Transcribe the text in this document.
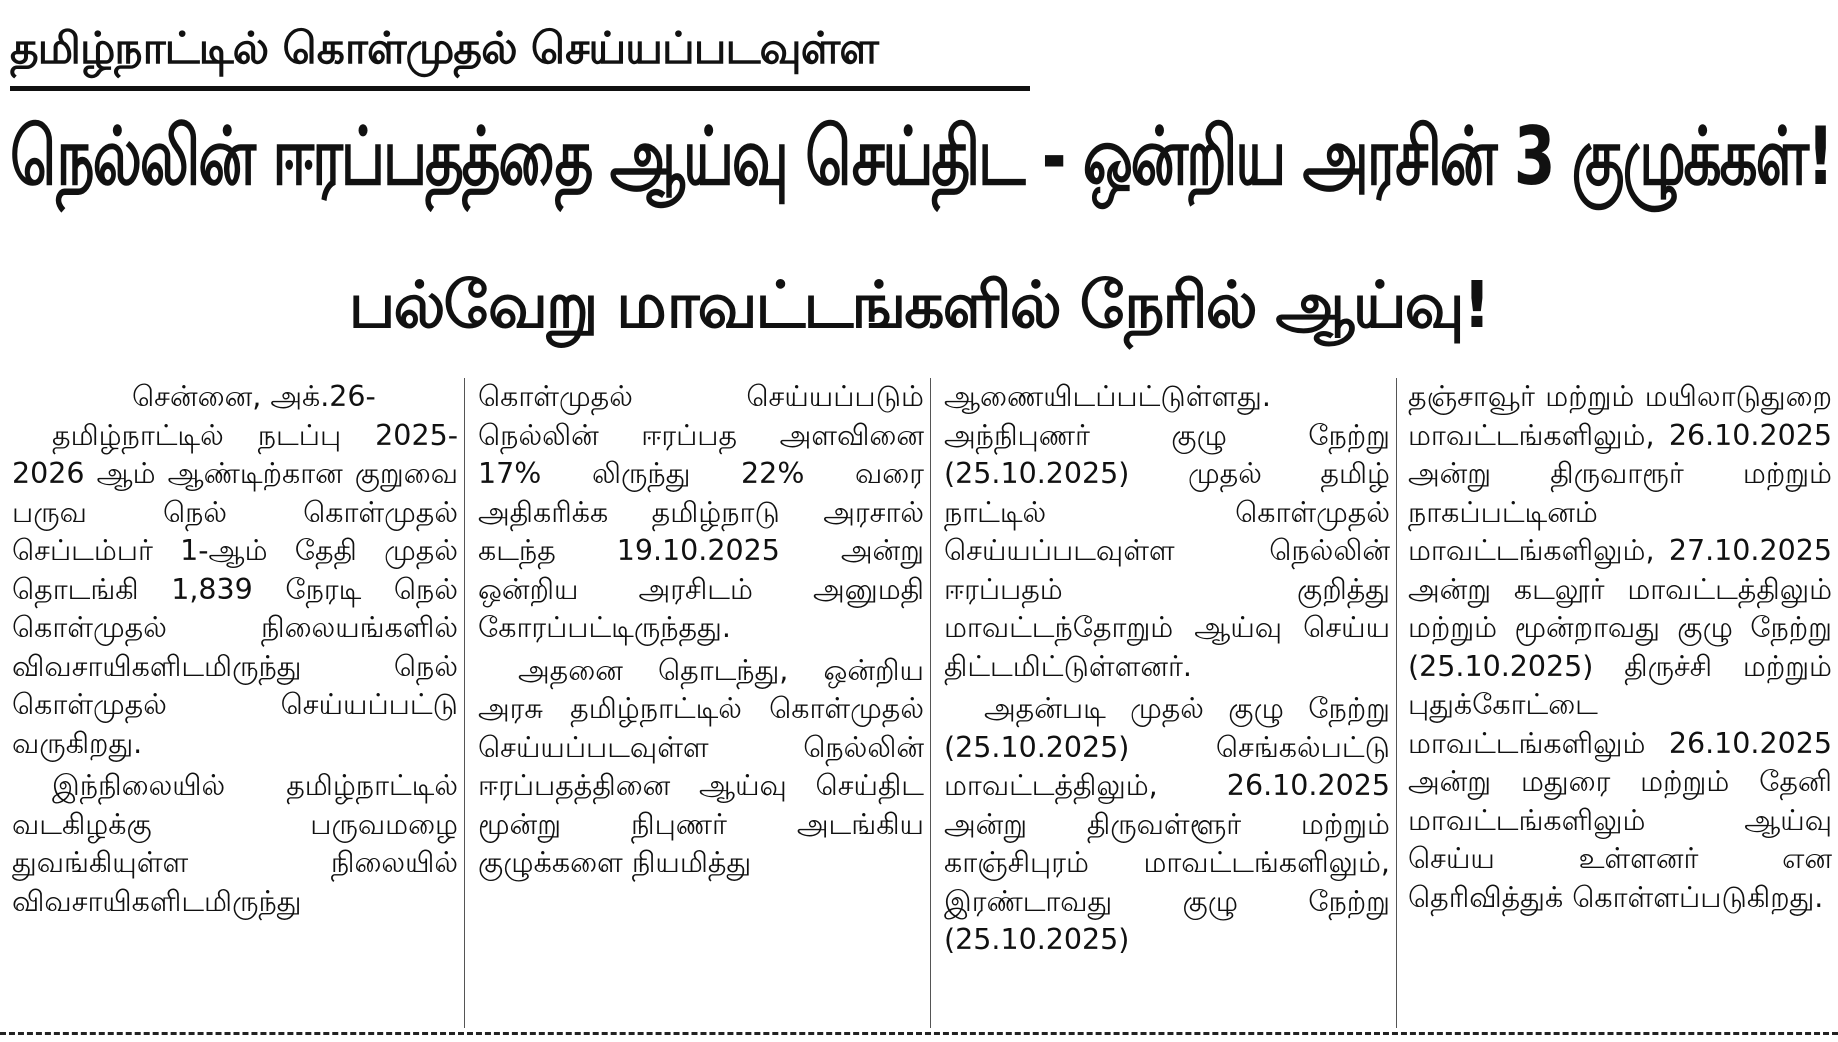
தமிழ்நாட்டில் கொள்முதல் செய்யப்படவுள்ள
நெல்லின் ஈரப்பதத்தை ஆய்வு செய்திட - ஒன்றிய அரசின் 3 குழுக்கள்!
பல்வேறு மாவட்டங்களில் நேரில் ஆய்வு!

சென்னை, அக்.26-

தமிழ்நாட்டில் நடப்பு 2025-2026 ஆம் ஆண்டிற்கான குறுவை பருவ நெல் கொள்முதல் செப்டம்பர் 1-ஆம் தேதி முதல் தொடங்கி 1,839 நேரடி நெல் கொள்முதல் நிலையங்களில் விவசாயிகளிடமிருந்து நெல் கொள்முதல் செய்யப்பட்டு வருகிறது.

இந்நிலையில் தமிழ்நாட்டில் வடகிழக்கு பருவமழை துவங்கியுள்ள நிலையில் விவசாயிகளிடமிருந்து

கொள்முதல் செய்யப்படும் நெல்லின் ஈரப்பத அளவினை 17% லிருந்து 22% வரை அதிகரிக்க தமிழ்நாடு அரசால் கடந்த 19.10.2025 அன்று ஒன்றிய அரசிடம் அனுமதி கோரப்பட்டிருந்தது.

அதனை தொடந்து, ஒன்றிய அரசு தமிழ்நாட்டில் கொள்முதல் செய்யப்படவுள்ள நெல்லின் ஈரப்பதத்தினை ஆய்வு செய்திட மூன்று நிபுணர் அடங்கிய குழுக்களை நியமித்து

ஆணையிடப்பட்டுள்ளது. அந்நிபுணர் குழு நேற்று (25.10.2025) முதல் தமிழ் நாட்டில் கொள்முதல் செய்யப்படவுள்ள நெல்லின் ஈரப்பதம் குறித்து மாவட்டந்தோறும் ஆய்வு செய்ய திட்டமிட்டுள்ளனர்.

அதன்படி முதல் குழு நேற்று (25.10.2025) செங்கல்பட்டு மாவட்டத்திலும், 26.10.2025 அன்று திருவள்ளூர் மற்றும் காஞ்சிபுரம் மாவட்டங்களிலும், இரண்டாவது குழு நேற்று (25.10.2025)

தஞ்சாவூர் மற்றும் மயிலாடுதுறை மாவட்டங்களிலும், 26.10.2025 அன்று திருவாரூர் மற்றும் நாகப்பட்டினம் மாவட்டங்களிலும், 27.10.2025 அன்று கடலூர் மாவட்டத்திலும் மற்றும் மூன்றாவது குழு நேற்று (25.10.2025) திருச்சி மற்றும் புதுக்கோட்டை மாவட்டங்களிலும் 26.10.2025 அன்று மதுரை மற்றும் தேனி மாவட்டங்களிலும் ஆய்வு செய்ய உள்ளனர் என தெரிவித்துக் கொள்ளப்படுகிறது.
